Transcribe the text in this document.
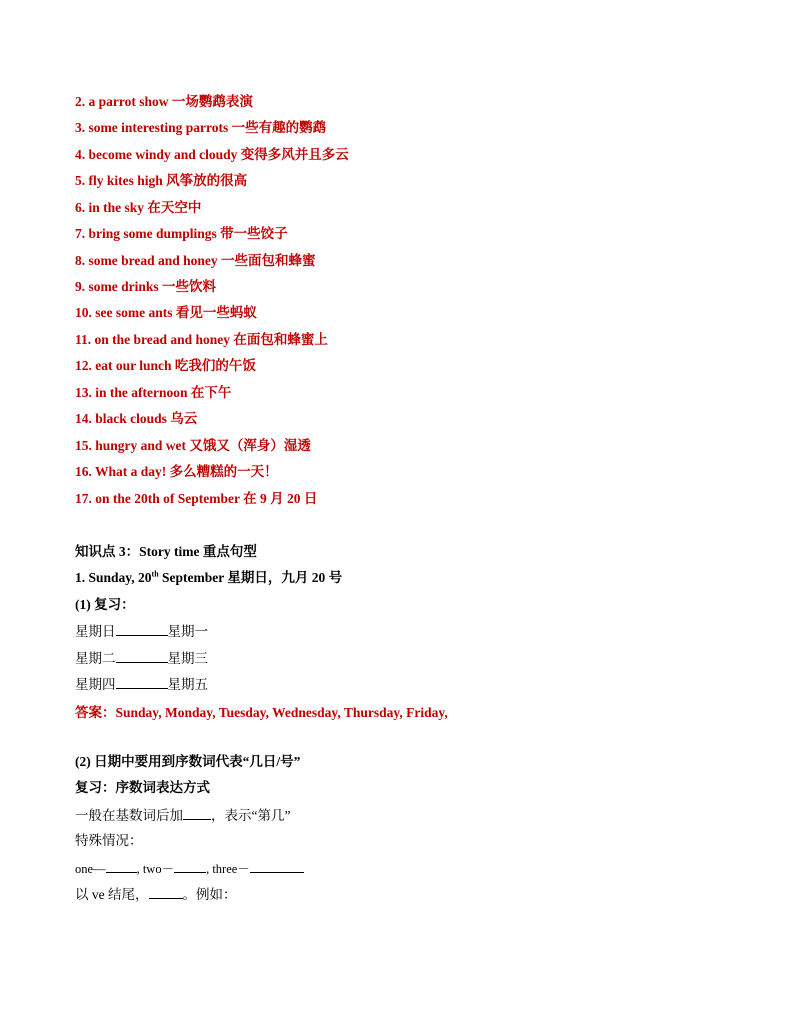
2. a parrot show 一场鹦鹉表演
3. some interesting parrots 一些有趣的鹦鹉
4. become windy and cloudy 变得多风并且多云
5. fly kites high 风筝放的很高
6. in the sky 在天空中
7. bring some dumplings 带一些饺子
8. some bread and honey 一些面包和蜂蜜
9. some drinks 一些饮料
10. see some ants 看见一些蚂蚁
11. on the bread and honey 在面包和蜂蜜上
12. eat our lunch 吃我们的午饭
13. in the afternoon 在下午
14. black clouds 乌云
15. hungry and wet 又饿又（浑身）湿透
16. What a day! 多么糟糕的一天！
17. on the 20th of September 在 9 月 20 日
知识点 3：Story time 重点句型
1. Sunday, 20th September 星期日，九月 20 号
(1) 复习：
星期日	星期一
星期二	星期三
星期四	星期五
答案：Sunday, Monday, Tuesday, Wednesday, Thursday, Friday,
(2) 日期中要用到序数词代表“几日/号”
复习：序数词表达方式
一般在基数词后加 ，表示“第几”
特殊情况：
one— , two－	, three－
以 ve 结尾，	。例如：
